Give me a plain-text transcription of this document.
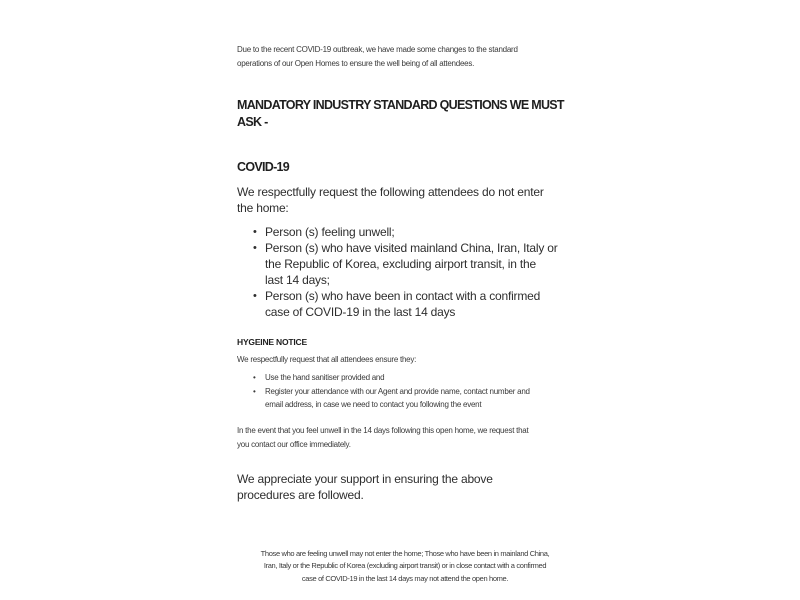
Due to the recent COVID-19 outbreak, we have made some changes to the standard
operations of our Open Homes to ensure the well being of all attendees.

MANDATORY INDUSTRY STANDARD QUESTIONS WE MUST
ASK -
COVID-19

We respectfully request the following attendees do not enter
the home:

• Person (s) feeling unwell;
• Person (s) who have visited mainland China, Iran, Italy or
the Republic of Korea, excluding airport transit, in the
last 14 days;
• Person (s) who have been in contact with a confirmed
case of COVID-19 in the last 14 days
HYGEINE NOTICE

We respectfully request that all attendees ensure they:

• Use the hand sanitiser provided and
• Register your attendance with our Agent and provide name, contact number and
email address, in case we need to contact you following the event

In the event that you feel unwell in the 14 days following this open home, we request that
you contact our office immediately.

We appreciate your support in ensuring the above
procedures are followed.

Those who are feeling unwell may not enter the home; Those who have been in mainland China,
Iran, Italy or the Republic of Korea (excluding airport transit) or in close contact with a confirmed
case of COVID-19 in the last 14 days may not attend the open home.
